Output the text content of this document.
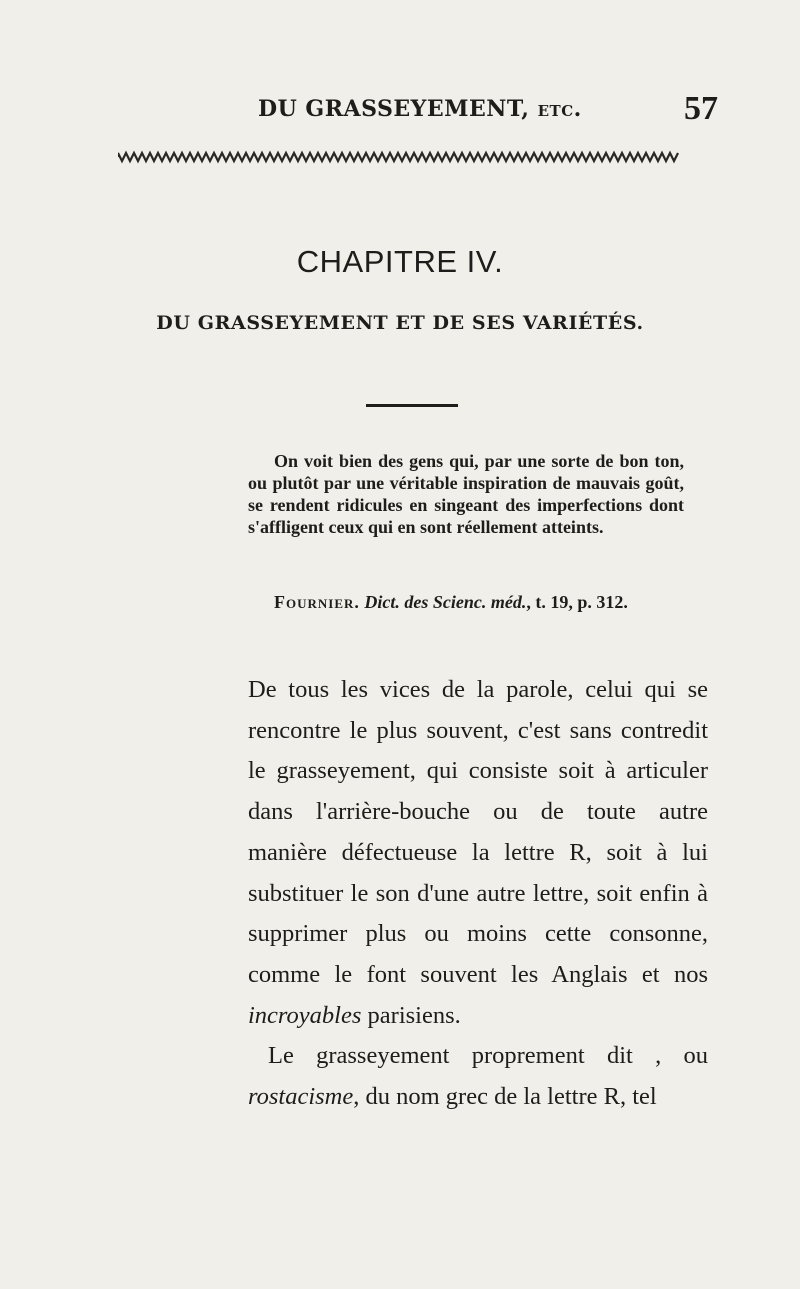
DU GRASSEYEMENT, etc.	57
CHAPITRE IV.
DU GRASSEYEMENT ET DE SES VARIÉTÉS.

On voit bien des gens qui, par une sorte de bon ton, ou plutôt par une véritable inspiration de mauvais goût, se rendent ridicules en singeant des imperfections dont s'affligent ceux qui en sont réellement atteints.

Fournier. Dict. des Scienc. méd., t. 19, p. 312.

De tous les vices de la parole, celui qui se rencontre le plus souvent, c'est sans contredit le grasseyement, qui consiste soit à articuler dans l'arrière-bouche ou de toute autre manière défectueuse la lettre R, soit à lui substituer le son d'une autre lettre, soit enfin à supprimer plus ou moins cette consonne, comme le font souvent les Anglais et nos incroyables parisiens.

Le grasseyement proprement dit , ou rostacisme, du nom grec de la lettre R, tel
